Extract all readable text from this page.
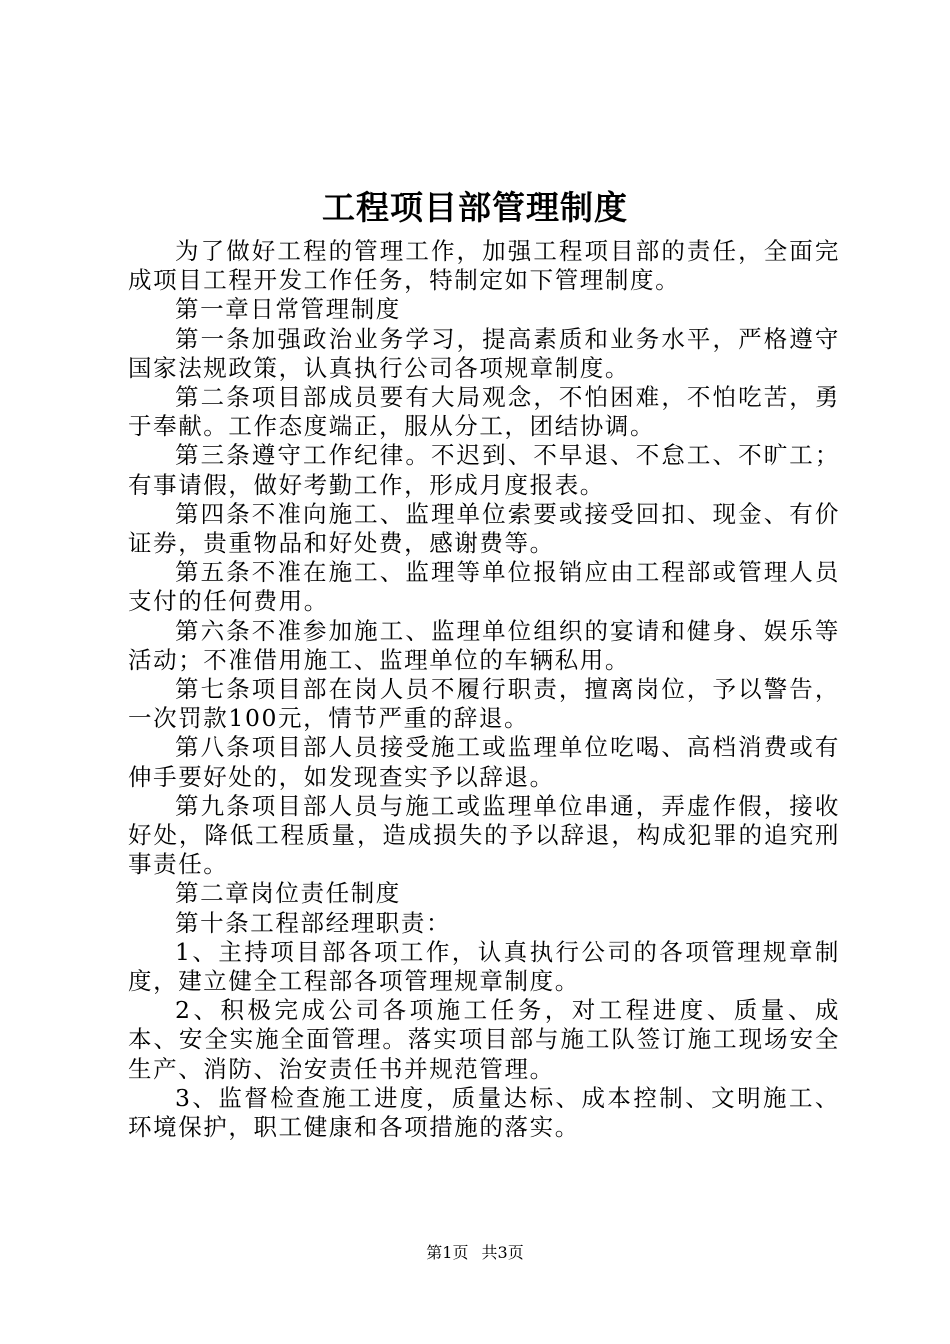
工程项目部管理制度

为了做好工程的管理工作，加强工程项目部的责任，全面完成项目工程开发工作任务，特制定如下管理制度。

第一章日常管理制度

第一条加强政治业务学习，提高素质和业务水平，严格遵守国家法规政策，认真执行公司各项规章制度。

第二条项目部成员要有大局观念，不怕困难，不怕吃苦，勇于奉献。工作态度端正，服从分工，团结协调。

第三条遵守工作纪律。不迟到、不早退、不怠工、不旷工；有事请假，做好考勤工作，形成月度报表。

第四条不准向施工、监理单位索要或接受回扣、现金、有价证券，贵重物品和好处费，感谢费等。

第五条不准在施工、监理等单位报销应由工程部或管理人员支付的任何费用。

第六条不准参加施工、监理单位组织的宴请和健身、娱乐等活动；不准借用施工、监理单位的车辆私用。

第七条项目部在岗人员不履行职责，擅离岗位，予以警告，一次罚款100元，情节严重的辞退。

第八条项目部人员接受施工或监理单位吃喝、高档消费或有伸手要好处的，如发现查实予以辞退。

第九条项目部人员与施工或监理单位串通，弄虚作假，接收好处，降低工程质量，造成损失的予以辞退，构成犯罪的追究刑事责任。

第二章岗位责任制度

第十条工程部经理职责：

1、主持项目部各项工作，认真执行公司的各项管理规章制度，建立健全工程部各项管理规章制度。

2、积极完成公司各项施工任务，对工程进度、质量、成本、安全实施全面管理。落实项目部与施工队签订施工现场安全生产、消防、治安责任书并规范管理。

3、监督检查施工进度，质量达标、成本控制、文明施工、环境保护，职工健康和各项措施的落实。

第1页 共3页
